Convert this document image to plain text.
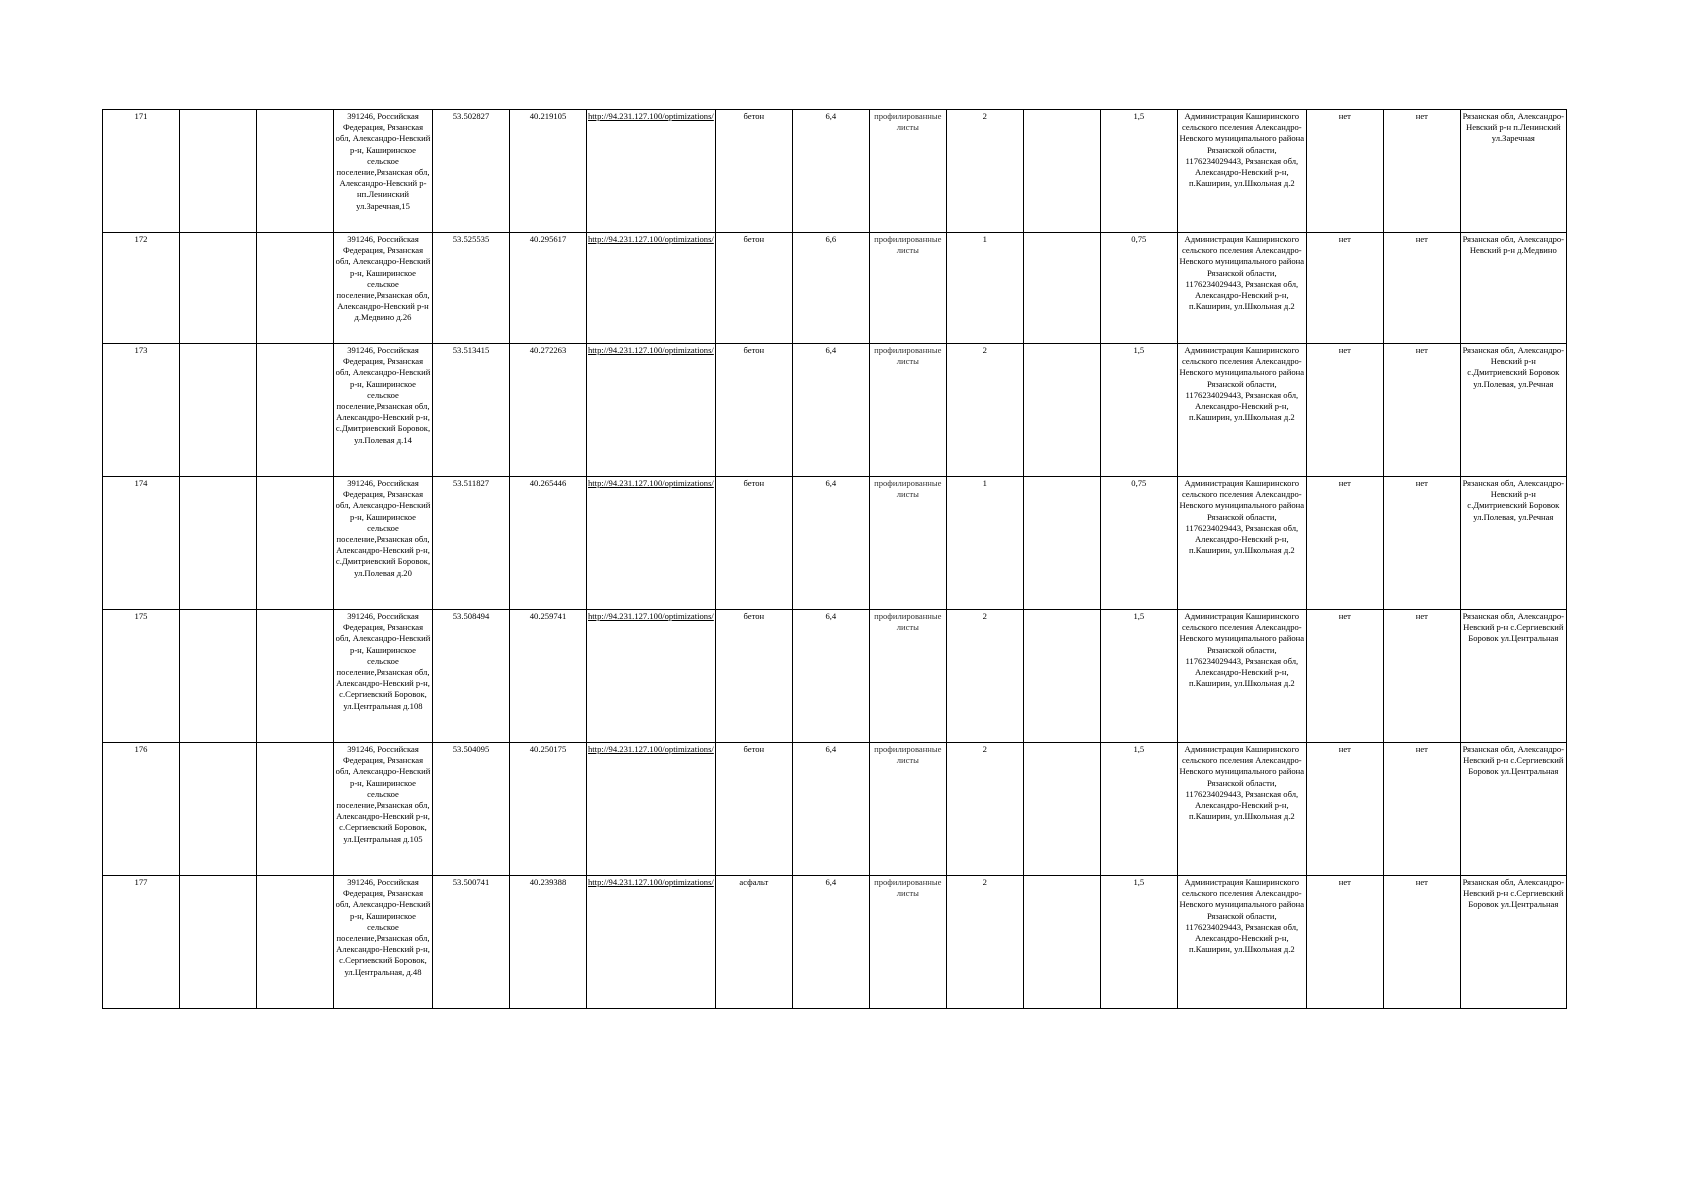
171			391246, Российская Федерация, Рязанская обл, Александро-Невский р-н, Каширинское сельское поселение,Рязанская обл, Александро-Невский р-нп.Ленинский ул.Заречная,15	53.502827	40.219105	http://94.231.127.100/optimizations/	бетон	6,4	профилированные листы	2		1,5	Администрация Каширинского сельского пселения Александро-Невского муниципального района Рязанской области, 1176234029443, Рязанская обл, Александро-Невский р-н, п.Каширин, ул.Школьная д.2	нет	нет	Рязанская обл, Александро-Невский р-н п.Ленинский ул.Заречная
172			391246, Российская Федерация, Рязанская обл, Александро-Невский р-н, Каширинское сельское поселение,Рязанская обл, Александро-Невский р-н д.Медвино д.26	53.525535	40.295617	http://94.231.127.100/optimizations/	бетон	6,6	профилированные листы	1		0,75	Администрация Каширинского сельского пселения Александро-Невского муниципального района Рязанской области, 1176234029443, Рязанская обл, Александро-Невский р-н, п.Каширин, ул.Школьная д.2	нет	нет	Рязанская обл, Александро-Невский р-н д.Медвино
173			391246, Российская Федерация, Рязанская обл, Александро-Невский р-н, Каширинское сельское поселение,Рязанская обл, Александро-Невский р-н, с.Дмитриевский Боровок, ул.Полевая д.14	53.513415	40.272263	http://94.231.127.100/optimizations/	бетон	6,4	профилированные листы	2		1,5	Администрация Каширинского сельского пселения Александро-Невского муниципального района Рязанской области, 1176234029443, Рязанская обл, Александро-Невский р-н, п.Каширин, ул.Школьная д.2	нет	нет	Рязанская обл, Александро-Невский р-н с.Дмитриевский Боровок ул.Полевая, ул.Речная
174			391246, Российская Федерация, Рязанская обл, Александро-Невский р-н, Каширинское сельское поселение,Рязанская обл, Александро-Невский р-н, с.Дмитриевский Боровок, ул.Полевая д.20	53.511827	40.265446	http://94.231.127.100/optimizations/	бетон	6,4	профилированные листы	1		0,75	Администрация Каширинского сельского пселения Александро-Невского муниципального района Рязанской области, 1176234029443, Рязанская обл, Александро-Невский р-н, п.Каширин, ул.Школьная д.2	нет	нет	Рязанская обл, Александро-Невский р-н с.Дмитриевский Боровок ул.Полевая, ул.Речная
175			391246, Российская Федерация, Рязанская обл, Александро-Невский р-н, Каширинское сельское поселение,Рязанская обл, Александро-Невский р-н, с.Сергиевский Боровок, ул.Центральная д.108	53.508494	40.259741	http://94.231.127.100/optimizations/	бетон	6,4	профилированные листы	2		1,5	Администрация Каширинского сельского пселения Александро-Невского муниципального района Рязанской области, 1176234029443, Рязанская обл, Александро-Невский р-н, п.Каширин, ул.Школьная д.2	нет	нет	Рязанская обл, Александро-Невский р-н с.Сергиевский Боровок ул.Центральная
176			391246, Российская Федерация, Рязанская обл, Александро-Невский р-н, Каширинское сельское поселение,Рязанская обл, Александро-Невский р-н, с.Сергиевский Боровок, ул.Центральная д.105	53.504095	40.250175	http://94.231.127.100/optimizations/	бетон	6,4	профилированные листы	2		1,5	Администрация Каширинского сельского пселения Александро-Невского муниципального района Рязанской области, 1176234029443, Рязанская обл, Александро-Невский р-н, п.Каширин, ул.Школьная д.2	нет	нет	Рязанская обл, Александро-Невский р-н с.Сергиевский Боровок ул.Центральная
177			391246, Российская Федерация, Рязанская обл, Александро-Невский р-н, Каширинское сельское поселение,Рязанская обл, Александро-Невский р-н, с.Сергиевский Боровок, ул.Центральная, д.48	53.500741	40.239388	http://94.231.127.100/optimizations/	асфальт	6,4	профилированные листы	2		1,5	Администрация Каширинского сельского пселения Александро-Невского муниципального района Рязанской области, 1176234029443, Рязанская обл, Александро-Невский р-н, п.Каширин, ул.Школьная д.2	нет	нет	Рязанская обл, Александро-Невский р-н с.Сергиевский Боровок ул.Центральная
